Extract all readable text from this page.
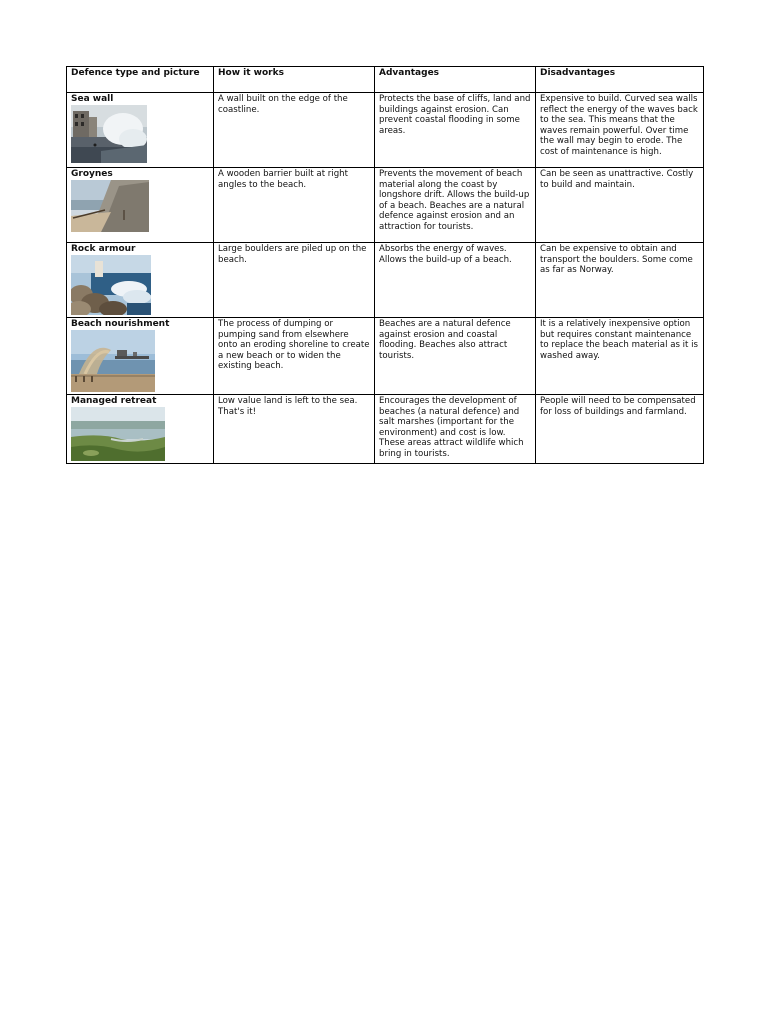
Defence type and picture	How it works	Advantages	Disadvantages

Sea wall	A wall built on the edge of the coastline.	Protects the base of cliffs, land and buildings against erosion. Can prevent coastal flooding in some areas.	Expensive to build. Curved sea walls reflect the energy of the waves back to the sea. This means that the waves remain powerful. Over time the wall may begin to erode. The cost of maintenance is high.

Groynes	A wooden barrier built at right angles to the beach.	Prevents the movement of beach material along the coast by longshore drift. Allows the build-up of a beach. Beaches are a natural defence against erosion and an attraction for tourists.	Can be seen as unattractive. Costly to build and maintain.

Rock armour	Large boulders are piled up on the beach.	Absorbs the energy of waves. Allows the build-up of a beach.	Can be expensive to obtain and transport the boulders. Some come as far as Norway.

Beach nourishment	The process of dumping or pumping sand from elsewhere onto an eroding shoreline to create a new beach or to widen the existing beach.	Beaches are a natural defence against erosion and coastal flooding. Beaches also attract tourists.	It is a relatively inexpensive option but requires constant maintenance to replace the beach material as it is washed away.

Managed retreat	Low value land is left to the sea. That's it!	Encourages the development of beaches (a natural defence) and salt marshes (important for the environment) and cost is low. These areas attract wildlife which bring in tourists.	People will need to be compensated for loss of buildings and farmland.
